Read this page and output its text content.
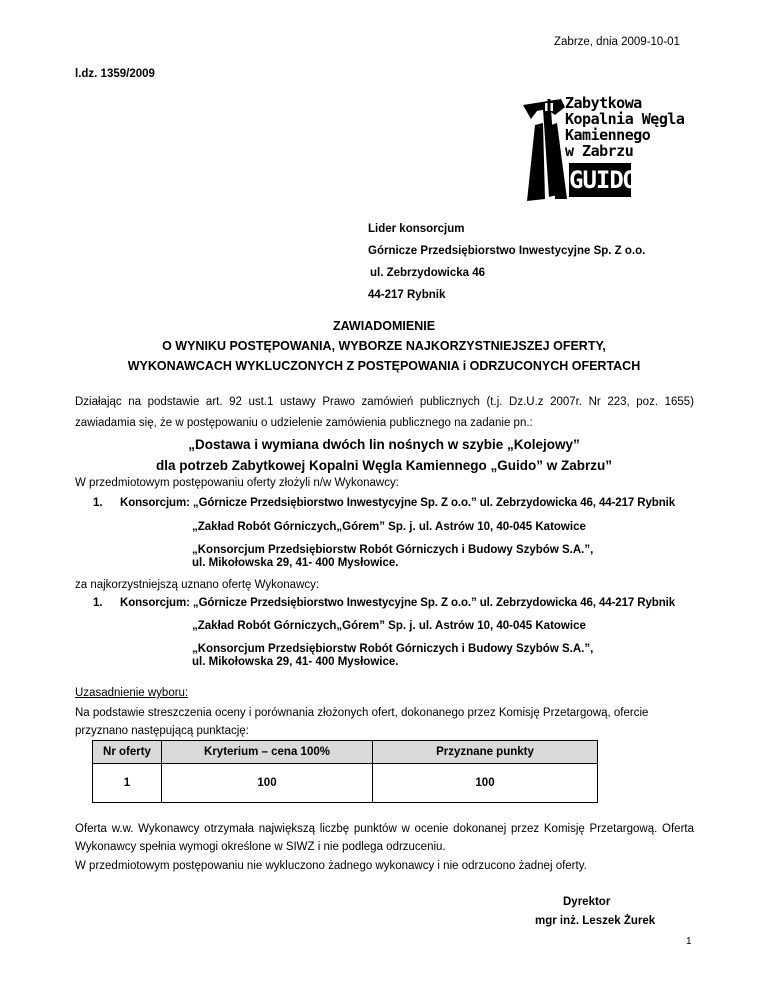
Zabrze, dnia 2009-10-01
l.dz. 1359/2009
Zabytkowa
Kopalnia Węgla
Kamiennego
w Zabrzu
GUIDO
Lider konsorcjum
Górnicze Przedsiębiorstwo Inwestycyjne Sp. Z o.o.
ul. Zebrzydowicka 46
44-217 Rybnik
ZAWIADOMIENIE
O WYNIKU POSTĘPOWANIA, WYBORZE NAJKORZYSTNIEJSZEJ OFERTY,
WYKONAWCACH WYKLUCZONYCH Z POSTĘPOWANIA i ODRZUCONYCH OFERTACH
Działając na podstawie art. 92 ust.1 ustawy Prawo zamówień publicznych (t.j. Dz.U.z 2007r. Nr 223, poz. 1655)
zawiadamia się, że w postępowaniu o udzielenie zamówienia publicznego na zadanie pn.:
„Dostawa i wymiana dwóch lin nośnych w szybie „Kolejowy”
dla potrzeb Zabytkowej Kopalni Węgla Kamiennego „Guido” w Zabrzu”
W przedmiotowym postępowaniu oferty złożyli n/w Wykonawcy:
1. Konsorcjum: „Górnicze Przedsiębiorstwo Inwestycyjne Sp. Z o.o.” ul. Zebrzydowicka 46, 44-217 Rybnik
„Zakład Robót Górniczych„Górem” Sp. j. ul. Astrów 10, 40-045 Katowice
„Konsorcjum Przedsiębiorstw Robót Górniczych i Budowy Szybów S.A.”,
ul. Mikołowska 29, 41- 400 Mysłowice.
za najkorzystniejszą uznano ofertę Wykonawcy:
1. Konsorcjum: „Górnicze Przedsiębiorstwo Inwestycyjne Sp. Z o.o.” ul. Zebrzydowicka 46, 44-217 Rybnik
„Zakład Robót Górniczych„Górem” Sp. j. ul. Astrów 10, 40-045 Katowice
„Konsorcjum Przedsiębiorstw Robót Górniczych i Budowy Szybów S.A.”,
ul. Mikołowska 29, 41- 400 Mysłowice.
Uzasadnienie wyboru:
Na podstawie streszczenia oceny i porównania złożonych ofert, dokonanego przez Komisję Przetargową, ofercie
przyznano następującą punktację:
Nr oferty	Kryterium – cena 100%	Przyznane punkty
1	100	100
Oferta w.w. Wykonawcy otrzymała największą liczbę punktów w ocenie dokonanej przez Komisję Przetargową. Oferta
Wykonawcy spełnia wymogi określone w SIWZ i nie podlega odrzuceniu.
W przedmiotowym postępowaniu nie wykluczono żadnego wykonawcy i nie odrzucono żadnej oferty.
Dyrektor
mgr inż. Leszek Żurek
1
